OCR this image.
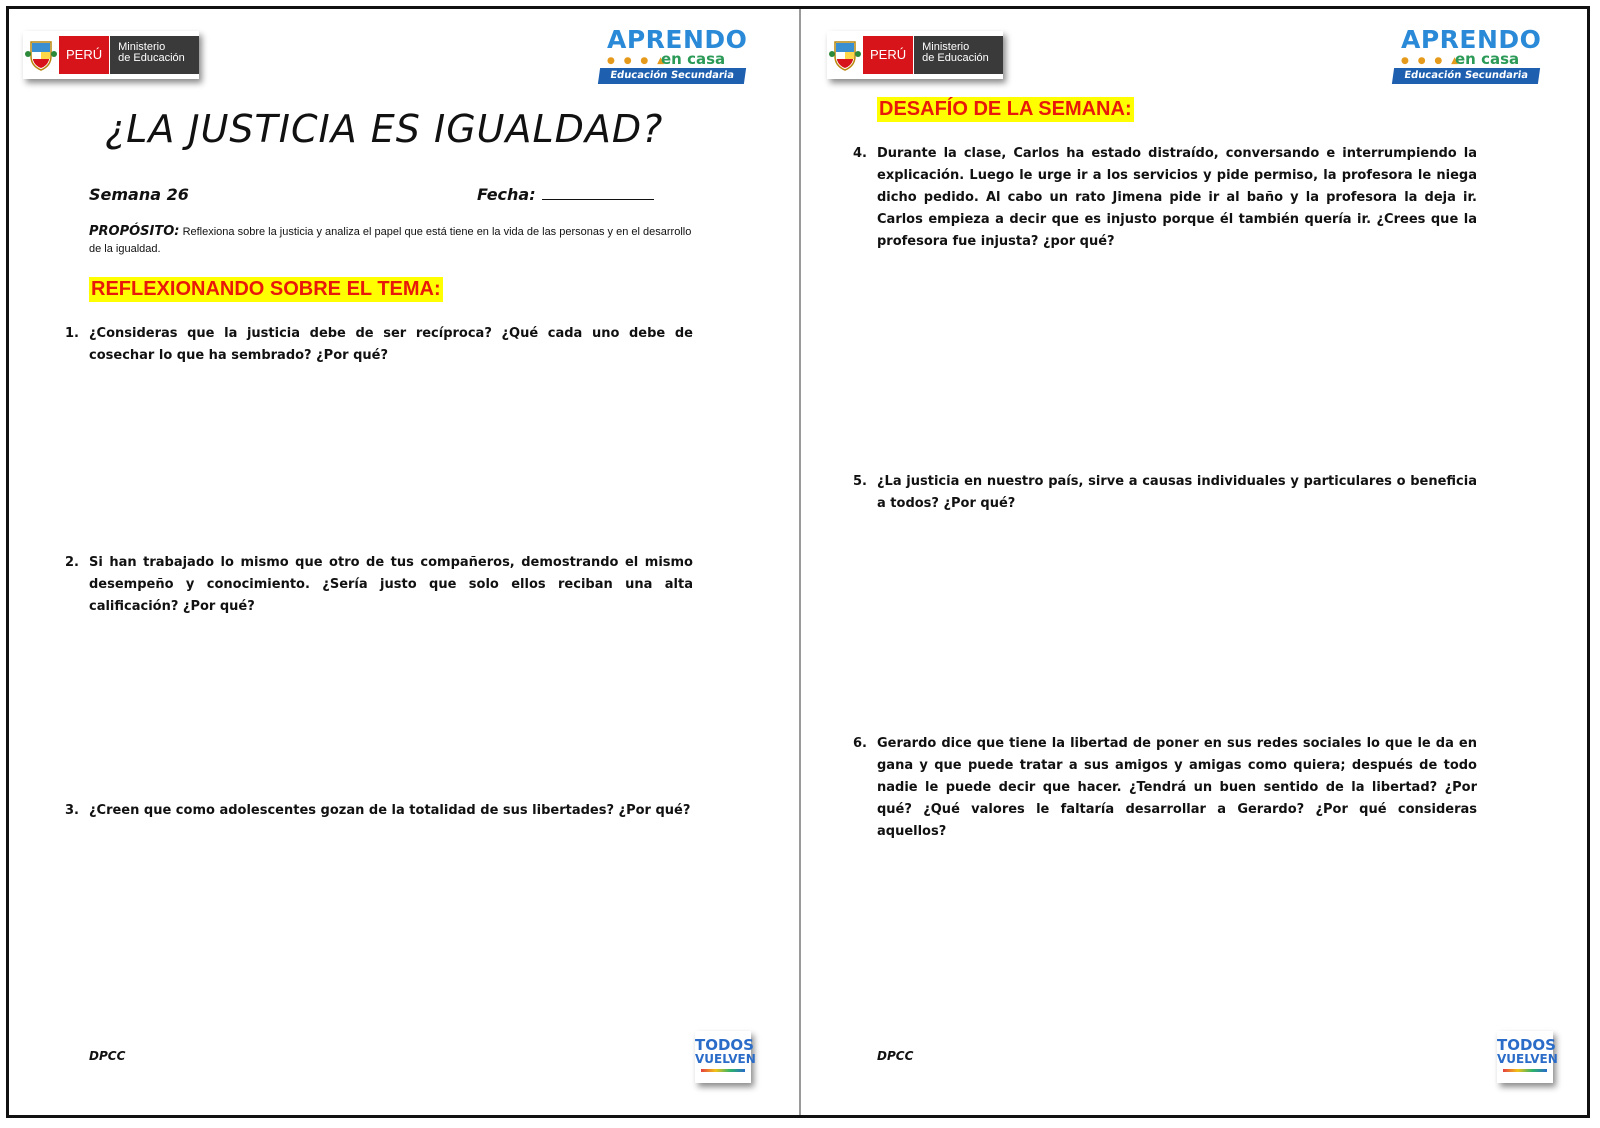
PERÚ	Ministerio
de Educación
APRENDO
● ● ● ▲
en casa
Educación Secundaria
¿LA JUSTICIA ES IGUALDAD?
Semana 26	Fecha:
PROPÓSITO: Reflexiona sobre la justicia y analiza el papel que está tiene en la vida de las personas y en el desarrollo de la igualdad.
REFLEXIONANDO SOBRE EL TEMA:
1. ¿Consideras que la justicia debe de ser recíproca? ¿Qué cada uno debe de cosechar lo que ha sembrado? ¿Por qué?
2. Si han trabajado lo mismo que otro de tus compañeros, demostrando el mismo desempeño y conocimiento. ¿Sería justo que solo ellos reciban una alta calificación? ¿Por qué?
3. ¿Creen que como adolescentes gozan de la totalidad de sus libertades? ¿Por qué?
DPCC
TODOS
VUELVEN
PERÚ	Ministerio
de Educación
APRENDO
● ● ● ▲
en casa
Educación Secundaria
DESAFÍO DE LA SEMANA:
4. Durante la clase, Carlos ha estado distraído, conversando e interrumpiendo la explicación. Luego le urge ir a los servicios y pide permiso, la profesora le niega dicho pedido. Al cabo un rato Jimena pide ir al baño y la profesora la deja ir. Carlos empieza a decir que es injusto porque él también quería ir. ¿Crees que la profesora fue injusta? ¿por qué?
5. ¿La justicia en nuestro país, sirve a causas individuales y particulares o beneficia a todos? ¿Por qué?
6. Gerardo dice que tiene la libertad de poner en sus redes sociales lo que le da en gana y que puede tratar a sus amigos y amigas como quiera; después de todo nadie le puede decir que hacer. ¿Tendrá un buen sentido de la libertad? ¿Por qué? ¿Qué valores le faltaría desarrollar a Gerardo? ¿Por qué consideras aquellos?
DPCC
TODOS
VUELVEN
